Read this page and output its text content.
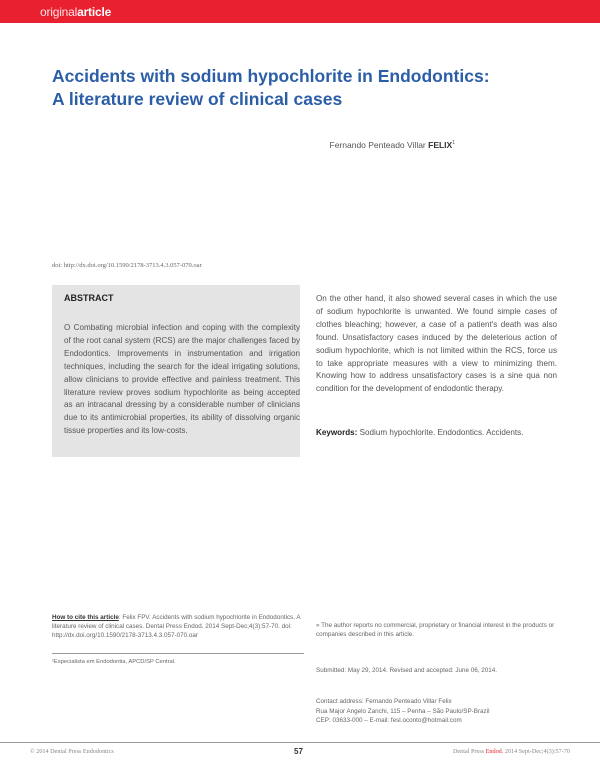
originalarticle
Accidents with sodium hypochlorite in Endodontics:
A literature review of clinical cases
Fernando Penteado Villar FELIX$^1$
doi: http://dx.doi.org/10.1590/2178-3713.4.3.057-070.oar
ABSTRACT
O Combating microbial infection and coping with the complexity of the root canal system (RCS) are the major challenges faced by Endodontics. Improvements in instrumentation and irrigation techniques, including the search for the ideal irrigating solutions, allow clinicians to provide effective and painless treatment. This literature review proves sodium hypochlorite as being accepted as an intracanal dressing by a considerable number of clinicians due to its antimicrobial properties, its ability of dissolving organic tissue properties and its low-costs.
On the other hand, it also showed several cases in which the use of sodium hypochlorite is unwanted. We found simple cases of clothes bleaching; however, a case of a patient's death was also found. Unsatisfactory cases induced by the deleterious action of sodium hypochlorite, which is not limited within the RCS, force us to take appropriate measures with a view to minimizing them. Knowing how to address unsatisfactory cases is a sine qua non condition for the development of endodontic therapy.
Keywords: Sodium hypochlorite. Endodontics. Accidents.
How to cite this article: Felix FPV. Accidents with sodium hypochlorite in Endodontics. A literature review of clinical cases. Dental Press Endod. 2014 Sept-Dec;4(3):57-70. doi: http://dx.doi.org/10.1590/2178-3713.4.3.057-070.oar
¹Especialista em Endodontia, APCD/SP Central.
» The author reports no commercial, proprietary or financial interest in the products or companies described in this article.
Submitted: May 29, 2014. Revised and accepted: June 06, 2014.
Contact address: Fernando Penteado Villar Felix
Rua Major Angelo Zanchi, 115 – Penha – São Paulo/SP-Brazil
CEP: 03633-000 – E-mail: fesl.oconto@hotmail.com
© 2014 Dental Press Endodontics	57	Dental Press Endod. 2014 Sept-Dec;4(3):57-70
